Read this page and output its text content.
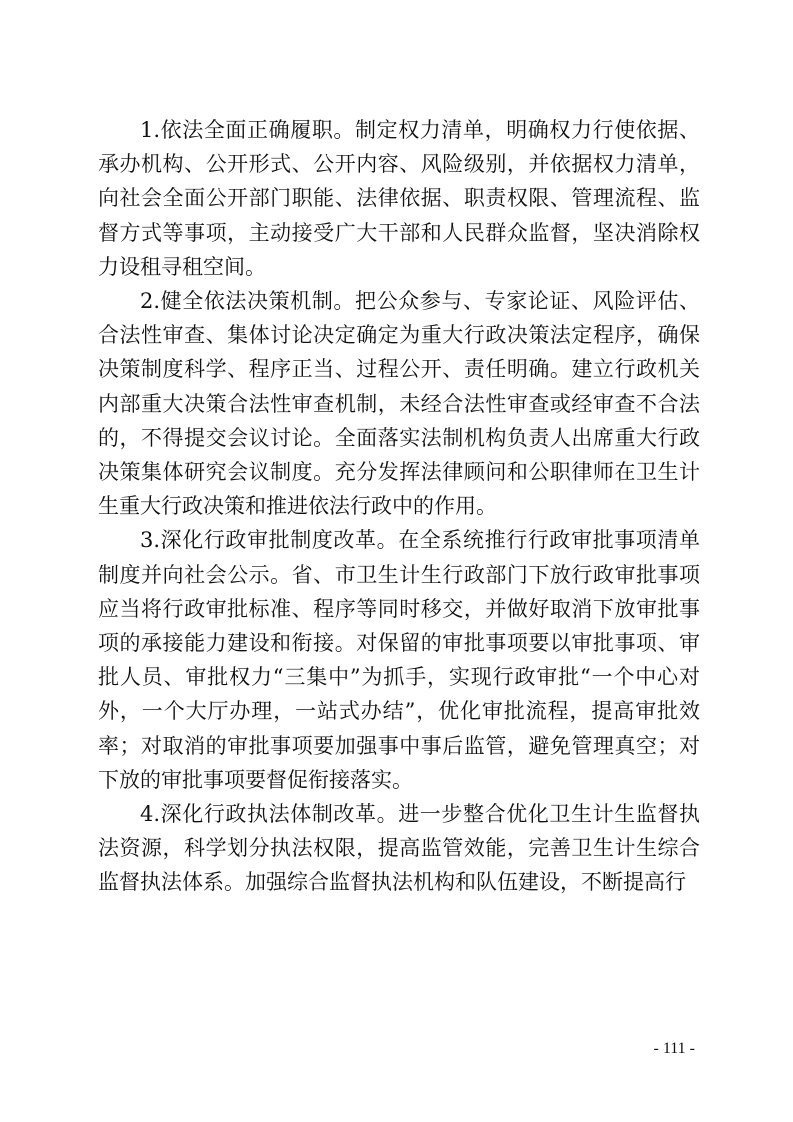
1.依法全面正确履职。制定权力清单，明确权力行使依据、承办机构、公开形式、公开内容、风险级别，并依据权力清单，向社会全面公开部门职能、法律依据、职责权限、管理流程、监督方式等事项，主动接受广大干部和人民群众监督，坚决消除权力设租寻租空间。

2.健全依法决策机制。把公众参与、专家论证、风险评估、合法性审查、集体讨论决定确定为重大行政决策法定程序，确保决策制度科学、程序正当、过程公开、责任明确。建立行政机关内部重大决策合法性审查机制，未经合法性审查或经审查不合法的，不得提交会议讨论。全面落实法制机构负责人出席重大行政决策集体研究会议制度。充分发挥法律顾问和公职律师在卫生计生重大行政决策和推进依法行政中的作用。

3.深化行政审批制度改革。在全系统推行行政审批事项清单制度并向社会公示。省、市卫生计生行政部门下放行政审批事项应当将行政审批标准、程序等同时移交，并做好取消下放审批事项的承接能力建设和衔接。对保留的审批事项要以审批事项、审批人员、审批权力“三集中”为抓手，实现行政审批“一个中心对外，一个大厅办理，一站式办结”，优化审批流程，提高审批效率；对取消的审批事项要加强事中事后监管，避免管理真空；对下放的审批事项要督促衔接落实。

4.深化行政执法体制改革。进一步整合优化卫生计生监督执法资源，科学划分执法权限，提高监管效能，完善卫生计生综合监督执法体系。加强综合监督执法机构和队伍建设，不断提高行

- 111 -
